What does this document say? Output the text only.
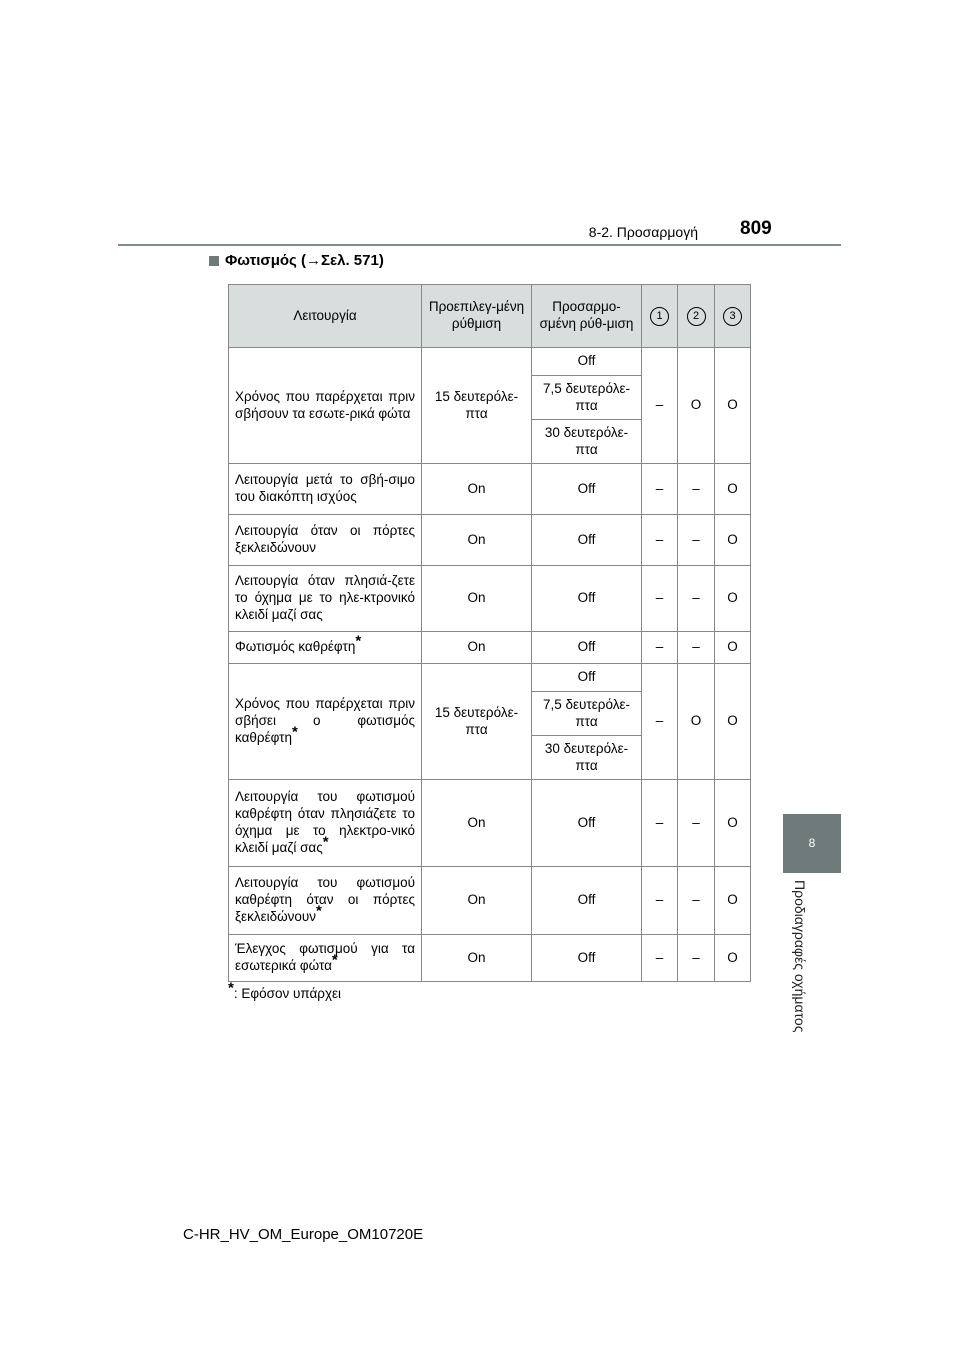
8-2. Προσαρμογή 809
8
Προδιαγραφές οχήματος
Φωτισμός (→Σελ. 571)
Λειτουργία	Προεπιλεγ-μένη ρύθμιση	Προσαρμο-σμένη ρύθ-μιση	1	2	3
Χρόνος που παρέρχεται πριν σβήσουν τα εσωτε-ρικά φώτα	15 δευτερόλε-πτα	Off	–	O	O
		7,5 δευτερόλε-πτα			
		30 δευτερόλε-πτα			
Λειτουργία μετά το σβή-σιμο του διακόπτη ισχύος	On	Off	–	–	O
Λειτουργία όταν οι πόρτες ξεκλειδώνουν	On	Off	–	–	O
Λειτουργία όταν πλησιά-ζετε το όχημα με το ηλε-κτρονικό κλειδί μαζί σας	On	Off	–	–	O
Φωτισμός καθρέφτη*	On	Off	–	–	O
Χρόνος που παρέρχεται πριν σβήσει ο φωτισμός καθρέφτη*	15 δευτερόλε-πτα	Off	–	O	O
		7,5 δευτερόλε-πτα			
		30 δευτερόλε-πτα			
Λειτουργία του φωτισμού καθρέφτη όταν πλησιάζετε το όχημα με το ηλεκτρο-νικό κλειδί μαζί σας*	On	Off	–	–	O
Λειτουργία του φωτισμού καθρέφτη όταν οι πόρτες ξεκλειδώνουν*	On	Off	–	–	O
Έλεγχος φωτισμού για τα εσωτερικά φώτα*	On	Off	–	–	O
*: Εφόσον υπάρχει
C-HR_HV_OM_Europe_OM10720E
